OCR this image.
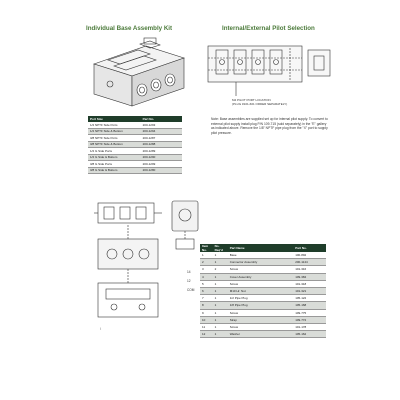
Individual Base Assembly Kit	Internal/External Pilot Selection
Port Size	Part No.
1/2 NPTF Side Ports	200-1293
1/2 NPTF Side & Bottom	200-1294
3/8 NPTF Side Ports	200-1287
3/8 NPTF Side & Bottom	200-1288
1/2 G Side Ports	200-1289
1/2 G Side & Bottom	200-1290
3/8 G Side Ports	200-1299
3/8 G Side & Bottom	200-1280
M4 PILOT PORT LOCATION
(PLUG #101-601 ORDER SEPARATELY)
Note: Base assemblies are supplied set up for internal pilot supply. To convert to external pilot supply install plug P/N 109-715 (sold separately) in the "E" gallery as indicated above. Remove the 1/8" NPTF pipe plug from the "X" port to supply pilot pressure.
14
12
COM
Item No.	No. Req'd	Part Name	Part No.
1	1	Base	100-892
2	1	Connector Assembly	200-1144
3	2	Screw	101-316
4	1	Cover Assembly	109-384
5	1	Screw	101-318
6	1	M10 Hr. Nut	101-321
7	1	1/2 Pipe Plug	105-122
8	1	1/8 Pipe Plug	105-168
9	1	Screw	109-775
10	1	Strap	109-772
11	1	Screw	101-178
12	1	Washer	105-162
\
